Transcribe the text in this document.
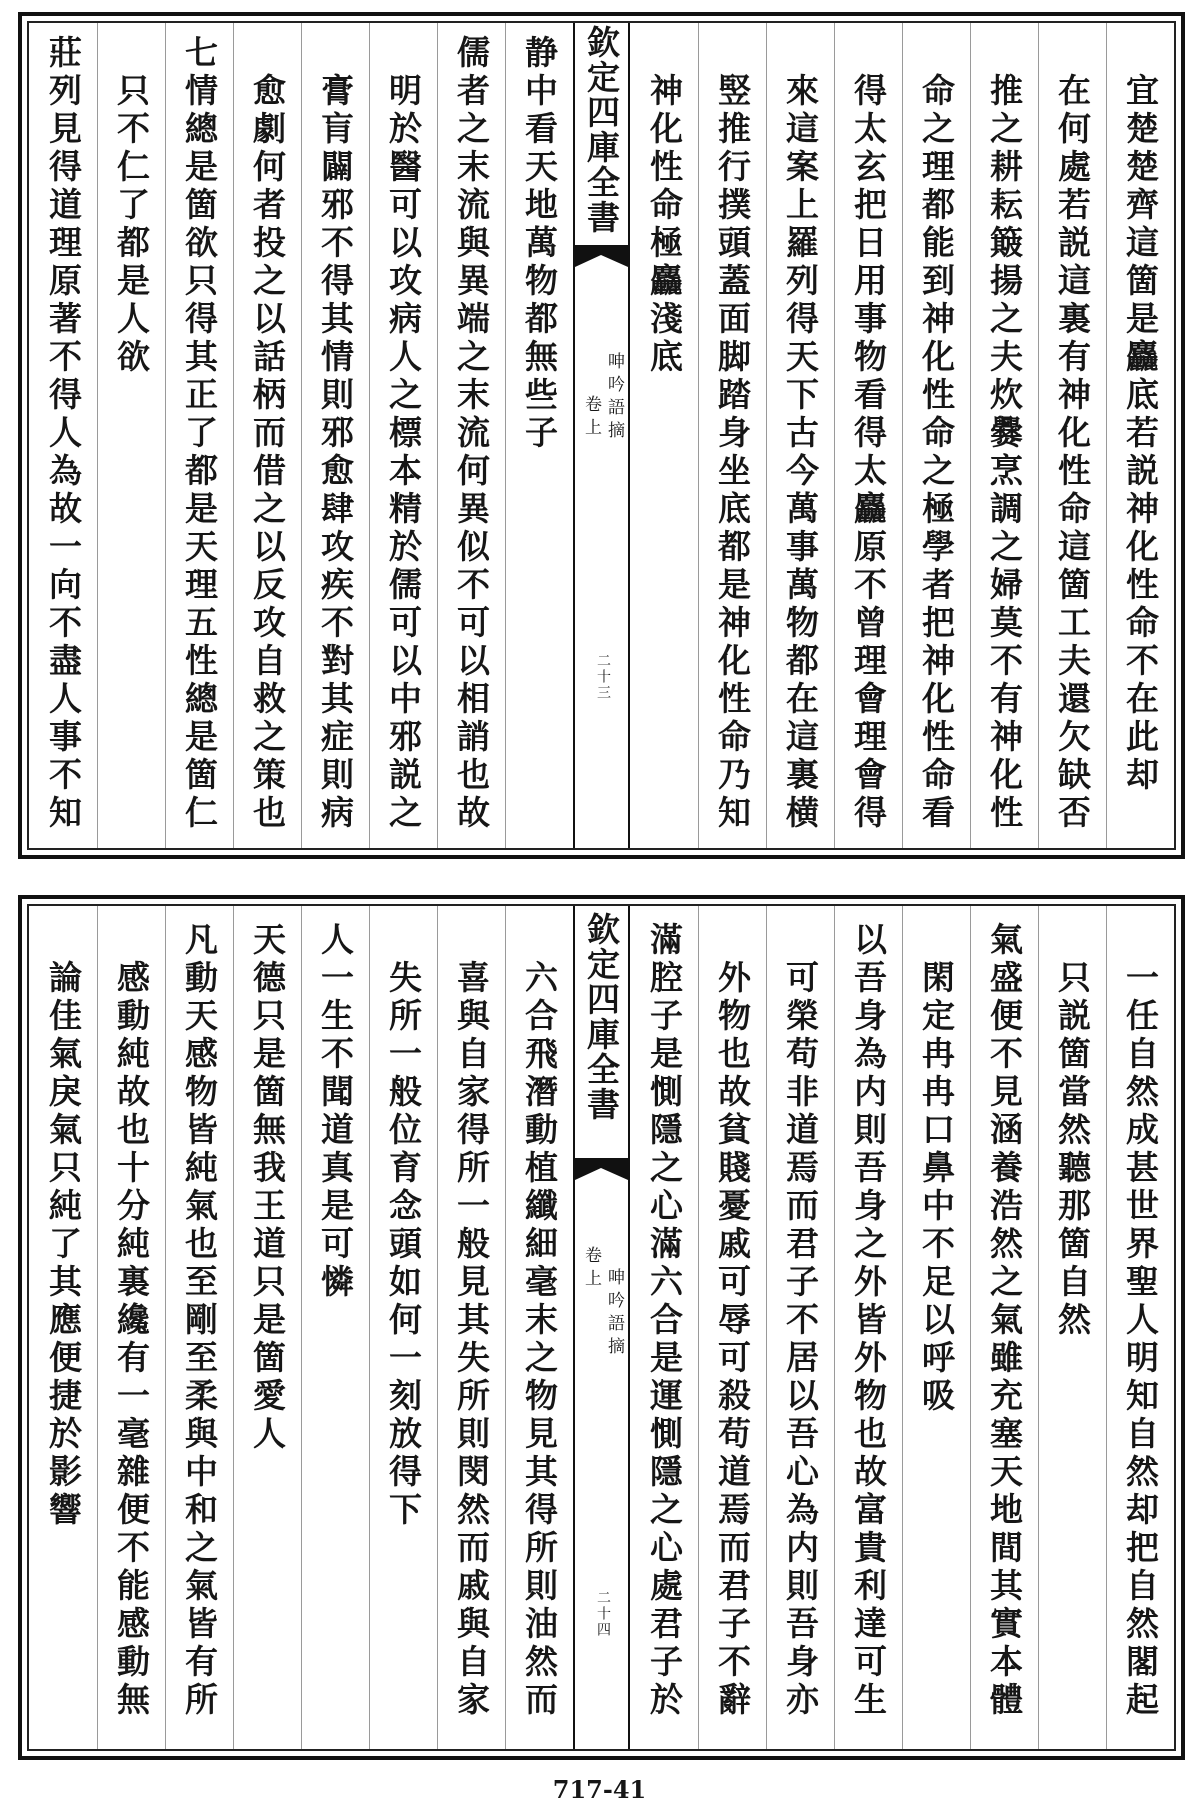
宜楚楚齊這箇是麤底若説神化性命不在此却
在何處若説這裏有神化性命這箇工夫還欠缺否
推之耕耘簸揚之夫炊爨烹調之婦莫不有神化性
命之理都能到神化性命之極學者把神化性命看
得太玄把日用事物看得太麤原不曾理會理會得
來這案上羅列得天下古今萬事萬物都在這裏横
竪推行撲頭蓋面脚踏身坐底都是神化性命乃知
神化性命極麤淺底
欽定四庫全書
呻吟語摘
卷上
二十三
静中看天地萬物都無些子
儒者之末流與異端之末流何異似不可以相誚也故
明於醫可以攻病人之標本精於儒可以中邪説之
膏肓闢邪不得其情則邪愈肆攻疾不對其症則病
愈劇何者投之以話柄而借之以反攻自救之策也
七情總是箇欲只得其正了都是天理五性總是箇仁
只不仁了都是人欲
莊列見得道理原著不得人為故一向不盡人事不知
一任自然成甚世界聖人明知自然却把自然閣起
只説箇當然聽那箇自然
氣盛便不見涵養浩然之氣雖充塞天地間其實本體
閑定冉冉口鼻中不足以呼吸
以吾身為内則吾身之外皆外物也故富貴利達可生
可榮苟非道焉而君子不居以吾心為内則吾身亦
外物也故貧賤憂戚可辱可殺苟道焉而君子不辭
滿腔子是惻隱之心滿六合是運惻隱之心處君子於
欽定四庫全書
呻吟語摘
卷上
二十四
六合飛潛動植纖細毫末之物見其得所則油然而
喜與自家得所一般見其失所則閔然而戚與自家
失所一般位育念頭如何一刻放得下
人一生不聞道真是可憐
天德只是箇無我王道只是箇愛人
凡動天感物皆純氣也至剛至柔與中和之氣皆有所
感動純故也十分純裏纔有一毫雜便不能感動無
論佳氣戾氣只純了其應便捷於影響
717-41
